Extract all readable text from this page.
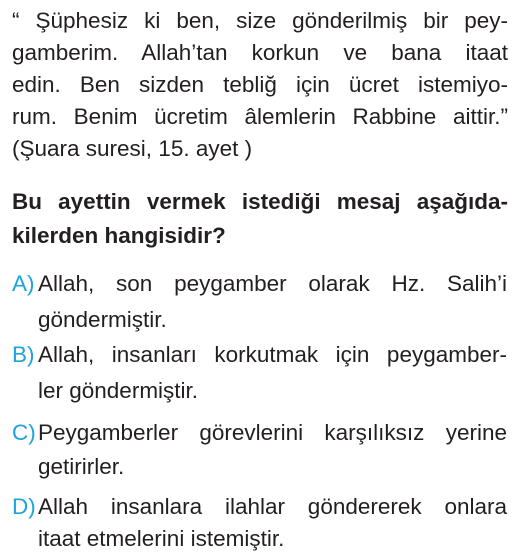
“ Şüphesiz ki ben, size gönderilmiş bir pey-
gamberim. Allah’tan korkun ve bana itaat
edin. Ben sizden tebliğ için ücret istemiyo-
rum. Benim ücretim âlemlerin Rabbine aittir.”
(Şuara suresi, 15. ayet )
Bu ayettin vermek istediği mesaj aşağıda-
kilerden hangisidir?
A) Allah, son peygamber olarak Hz. Salih’i
göndermiştir.
B) Allah, insanları korkutmak için peygamber-
ler göndermiştir.
C) Peygamberler görevlerini karşılıksız yerine
getirirler.
D) Allah insanlara ilahlar göndererek onlara
itaat etmelerini istemiştir.
